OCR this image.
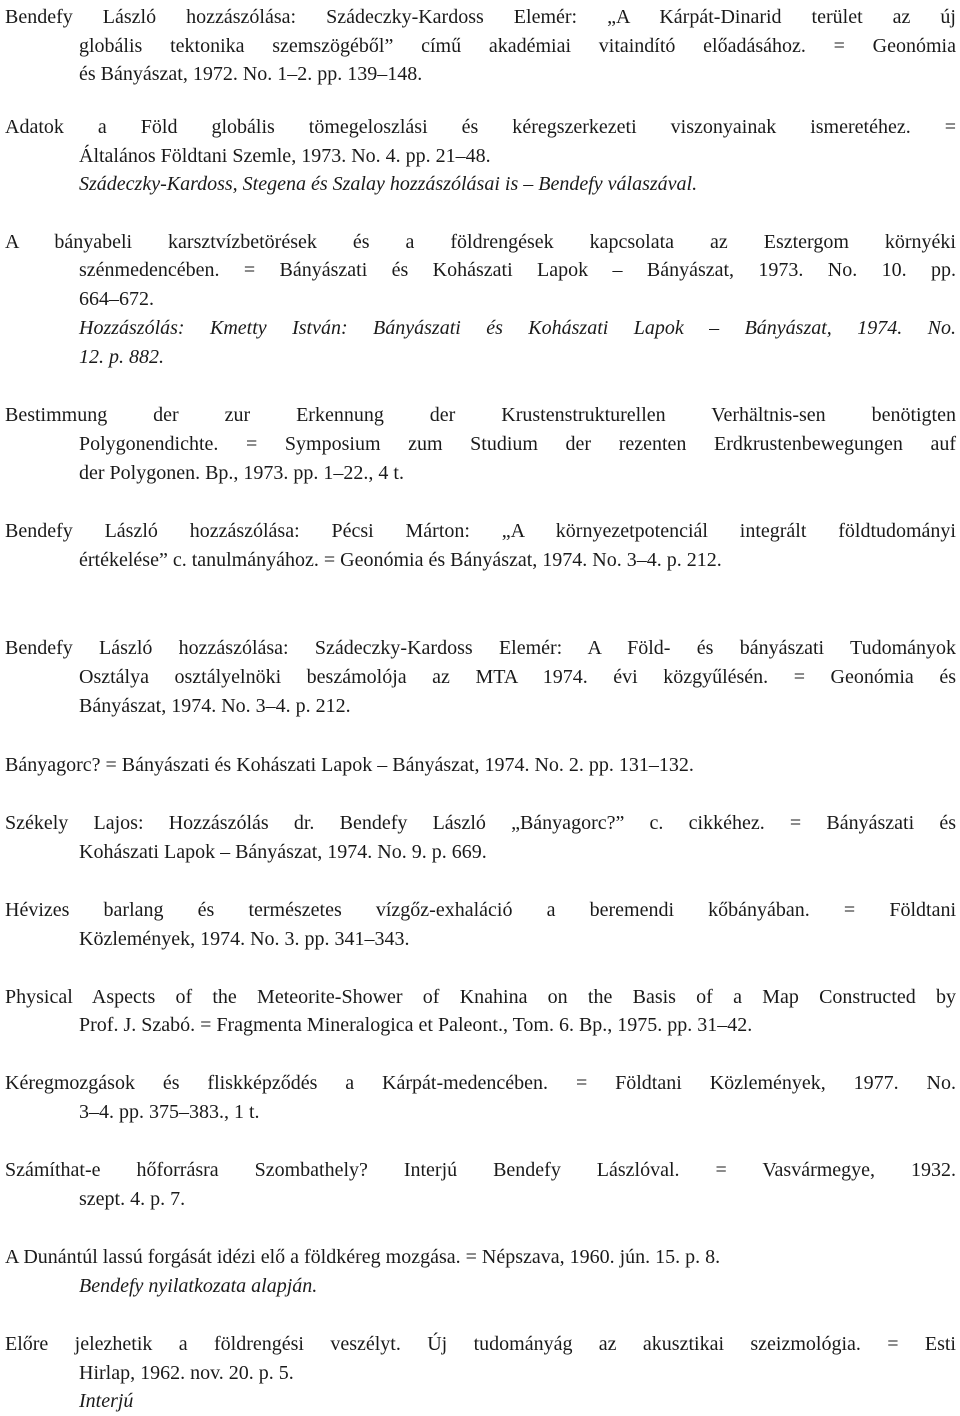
Bendefy László hozzászólása: Szádeczky-Kardoss Elemér: „A Kárpát-Dinarid terület az új
globális tektonika szemszögéből” című akadémiai vitaindító előadásához. = Geonómia
és Bányászat, 1972. No. 1–2. pp. 139–148.
Adatok a Föld globális tömegeloszlási és kéregszerkezeti viszonyainak ismeretéhez. =
Általános Földtani Szemle, 1973. No. 4. pp. 21–48.
Szádeczky-Kardoss, Stegena és Szalay hozzászólásai is – Bendefy válaszával.
A bányabeli karsztvízbetörések és a földrengések kapcsolata az Esztergom környéki
szénmedencében. = Bányászati és Kohászati Lapok – Bányászat, 1973. No. 10. pp.
664–672.
Hozzászólás: Kmetty István: Bányászati és Kohászati Lapok – Bányászat, 1974. No.
12. p. 882.
Bestimmung der zur Erkennung der Krustenstrukturellen Verhältnis-sen benötigten
Polygonendichte. = Symposium zum Studium der rezenten Erdkrustenbewegungen auf
der Polygonen. Bp., 1973. pp. 1–22., 4 t.
Bendefy László hozzászólása: Pécsi Márton: „A környezetpotenciál integrált földtudományi
értékelése” c. tanulmányához. = Geonómia és Bányászat, 1974. No. 3–4. p. 212.
Bendefy László hozzászólása: Szádeczky-Kardoss Elemér: A Föld- és bányászati Tudományok
Osztálya osztályelnöki beszámolója az MTA 1974. évi közgyűlésén. = Geonómia és
Bányászat, 1974. No. 3–4. p. 212.
Bányagorc? = Bányászati és Kohászati Lapok – Bányászat, 1974. No. 2. pp. 131–132.
Székely Lajos: Hozzászólás dr. Bendefy László „Bányagorc?” c. cikkéhez. = Bányászati és
Kohászati Lapok – Bányászat, 1974. No. 9. p. 669.
Hévizes barlang és természetes vízgőz-exhaláció a beremendi kőbányában. = Földtani
Közlemények, 1974. No. 3. pp. 341–343.
Physical Aspects of the Meteorite-Shower of Knahina on the Basis of a Map Constructed by
Prof. J. Szabó. = Fragmenta Mineralogica et Paleont., Tom. 6. Bp., 1975. pp. 31–42.
Kéregmozgások és fliskképződés a Kárpát-medencében. = Földtani Közlemények, 1977. No.
3–4. pp. 375–383., 1 t.
Számíthat-e hőforrásra Szombathely? Interjú Bendefy Lászlóval. = Vasvármegye, 1932.
szept. 4. p. 7.
A Dunántúl lassú forgását idézi elő a földkéreg mozgása. = Népszava, 1960. jún. 15. p. 8.
Bendefy nyilatkozata alapján.
Előre jelezhetik a földrengési veszélyt. Új tudományág az akusztikai szeizmológia. = Esti
Hirlap, 1962. nov. 20. p. 5.
Interjú
